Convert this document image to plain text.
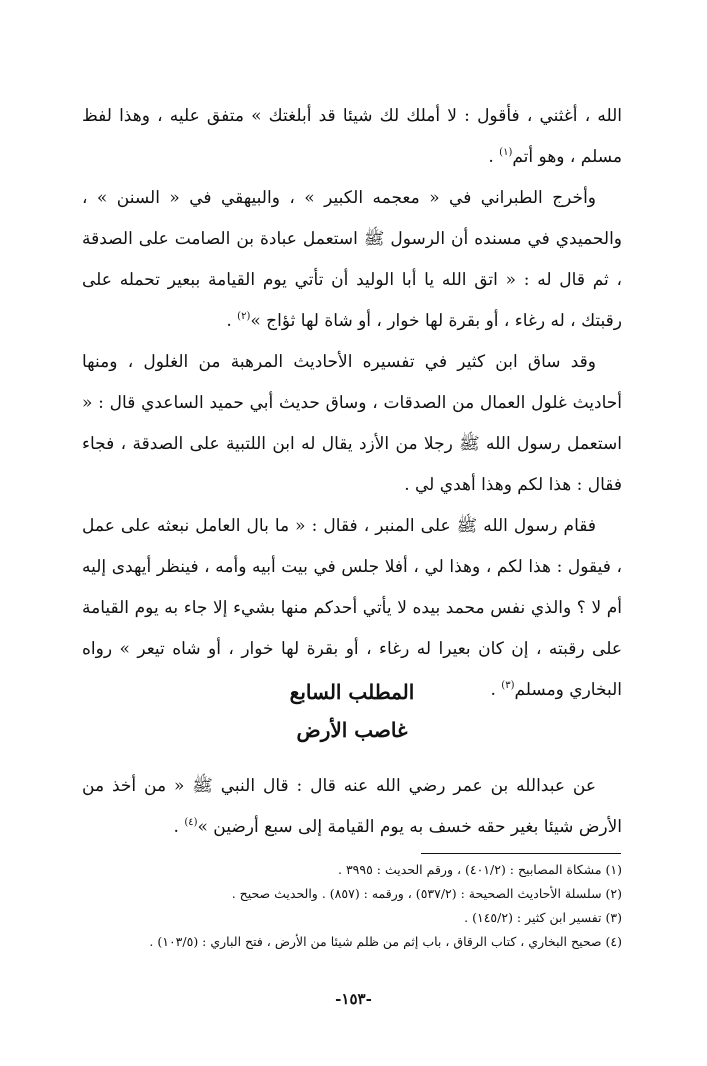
الله ، أغثني ، فأقول : لا أملك لك شيئا قد أبلغتك » متفق عليه ، وهذا لفظ مسلم ، وهو أتم$^{(١)}$ .

وأخرج الطبراني في « معجمه الكبير » ، والبيهقي في « السنن » ، والحميدي في مسنده أن الرسول ﷺ استعمل عبادة بن الصامت على الصدقة ، ثم قال له : « اتق الله يا أبا الوليد أن تأتي يوم القيامة ببعير تحمله على رقبتك ، له رغاء ، أو بقرة لها خوار ، أو شاة لها ثؤاج »$^{(٢)}$ .

وقد ساق ابن كثير في تفسيره الأحاديث المرهبة من الغلول ، ومنها أحاديث غلول العمال من الصدقات ، وساق حديث أبي حميد الساعدي قال : « استعمل رسول الله ﷺ رجلا من الأزد يقال له ابن اللتبية على الصدقة ، فجاء فقال : هذا لكم وهذا أهدي لي .

فقام رسول الله ﷺ على المنبر ، فقال : « ما بال العامل نبعثه على عمل ، فيقول : هذا لكم ، وهذا لي ، أفلا جلس في بيت أبيه وأمه ، فينظر أيهدى إليه أم لا ؟ والذي نفس محمد بيده لا يأتي أحدكم منها بشيء إلا جاء به يوم القيامة على رقبته ، إن كان بعيرا له رغاء ، أو بقرة لها خوار ، أو شاه تيعر » رواه البخاري ومسلم$^{(٣)}$ .

المطلب السابع
غاصب الأرض

عن عبدالله بن عمر رضي الله عنه قال : قال النبي ﷺ « من أخذ من الأرض شيئا بغير حقه خسف به يوم القيامة إلى سبع أرضين »$^{(٤)}$ .

(١) مشكاة المصابيح : (٤٠١/٢) ، ورقم الحديث : ٣٩٩٥ .

(٢) سلسلة الأحاديث الصحيحة : (٥٣٧/٢) ، ورقمه : (٨٥٧) . والحديث صحيح .

(٣) تفسير ابن كثير : (١٤٥/٢) .

(٤) صحيح البخاري ، كتاب الرقاق ، باب إثم من ظلم شيئا من الأرض ، فتح الباري : (١٠٣/٥) .

-١٥٣-
